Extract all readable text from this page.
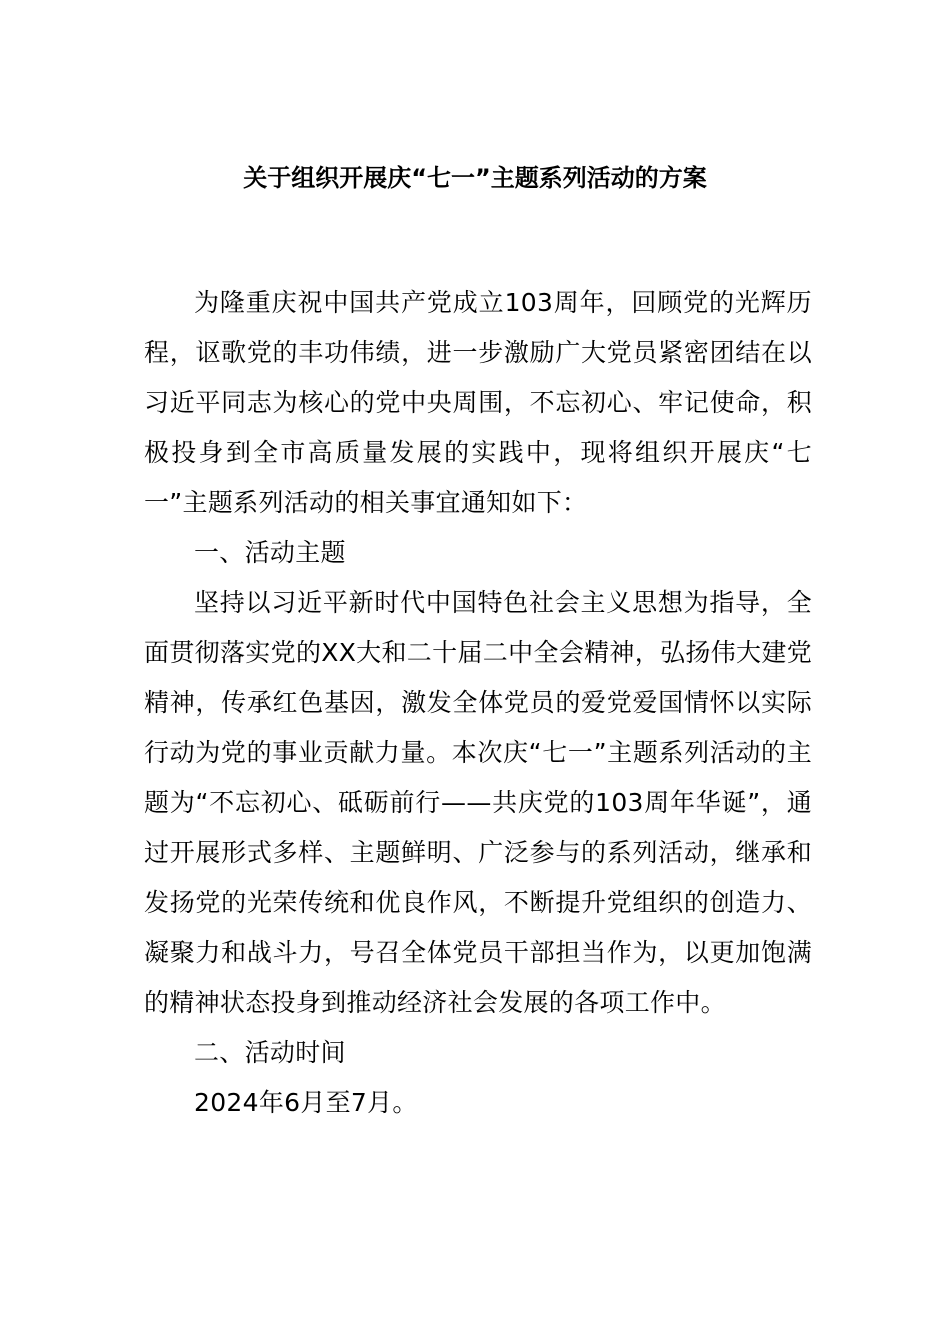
关于组织开展庆“七一”主题系列活动的方案

为隆重庆祝中国共产党成立103周年，回顾党的光辉历程，讴歌党的丰功伟绩，进一步激励广大党员紧密团结在以习近平同志为核心的党中央周围，不忘初心、牢记使命，积极投身到全市高质量发展的实践中，现将组织开展庆“七一”主题系列活动的相关事宜通知如下：

一、活动主题

坚持以习近平新时代中国特色社会主义思想为指导，全面贯彻落实党的XX大和二十届二中全会精神，弘扬伟大建党精神，传承红色基因，激发全体党员的爱党爱国情怀以实际行动为党的事业贡献力量。本次庆“七一”主题系列活动的主题为“不忘初心、砥砺前行——共庆党的103周年华诞”，通过开展形式多样、主题鲜明、广泛参与的系列活动，继承和发扬党的光荣传统和优良作风，不断提升党组织的创造力、凝聚力和战斗力，号召全体党员干部担当作为，以更加饱满的精神状态投身到推动经济社会发展的各项工作中。

二、活动时间

2024年6月至7月。
